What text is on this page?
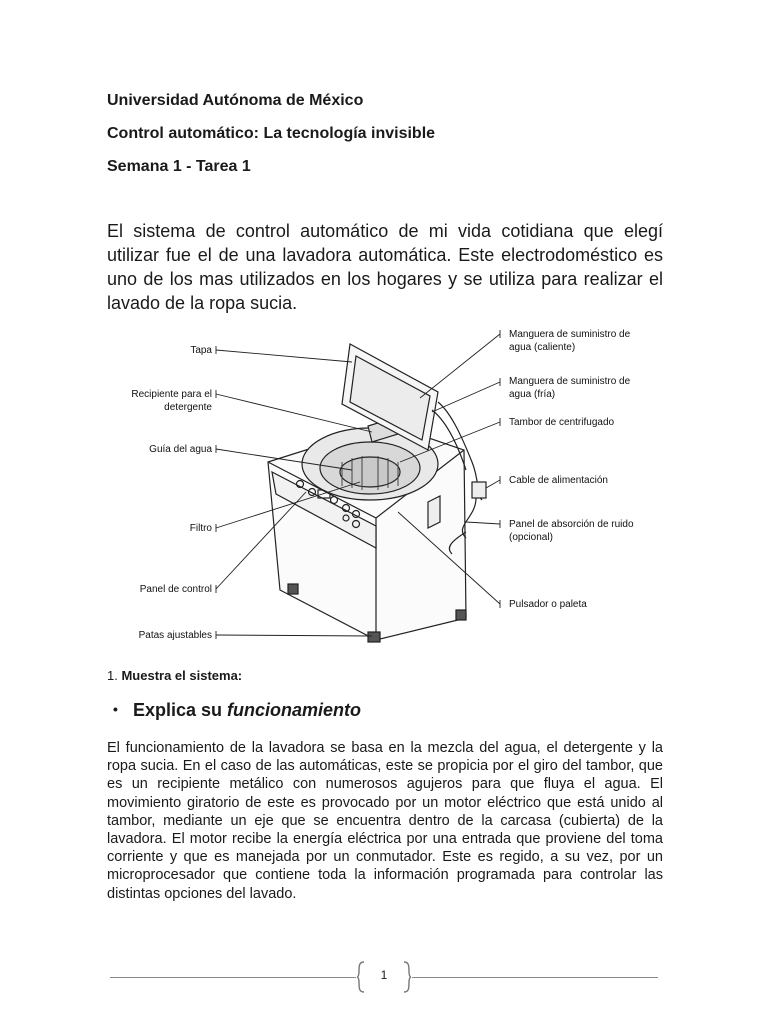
Universidad Autónoma de México
Control automático: La tecnología invisible
Semana 1 - Tarea 1

El sistema de control automático de mi vida cotidiana que elegí utilizar fue el de una lavadora automática. Este electrodoméstico es uno de los mas utilizados en los hogares y se utiliza para realizar el lavado de la ropa sucia.

Tapa
Recipiente para el detergente
Guía del agua
Filtro
Panel de control
Patas ajustables
Manguera de suministro de agua (caliente)
Manguera de suministro de agua (fría)
Tambor de centrifugado
Cable de alimentación
Panel de absorción de ruido (opcional)
Pulsador o paleta
1. Muestra el sistema:
• Explica su funcionamiento

El funcionamiento de la lavadora se basa en la mezcla del agua, el detergente y la ropa sucia. En el caso de las automáticas, este se propicia por el giro del tambor, que es un recipiente metálico con numerosos agujeros para que fluya el agua. El movimiento giratorio de este es provocado por un motor eléctrico que está unido al tambor, mediante un eje que se encuentra dentro de la carcasa (cubierta) de la lavadora. El motor recibe la energía eléctrica por una entrada que proviene del toma corriente y que es manejada por un conmutador. Este es regido, a su vez, por un microprocesador que contiene toda la información programada para controlar las distintas opciones del lavado.

1
